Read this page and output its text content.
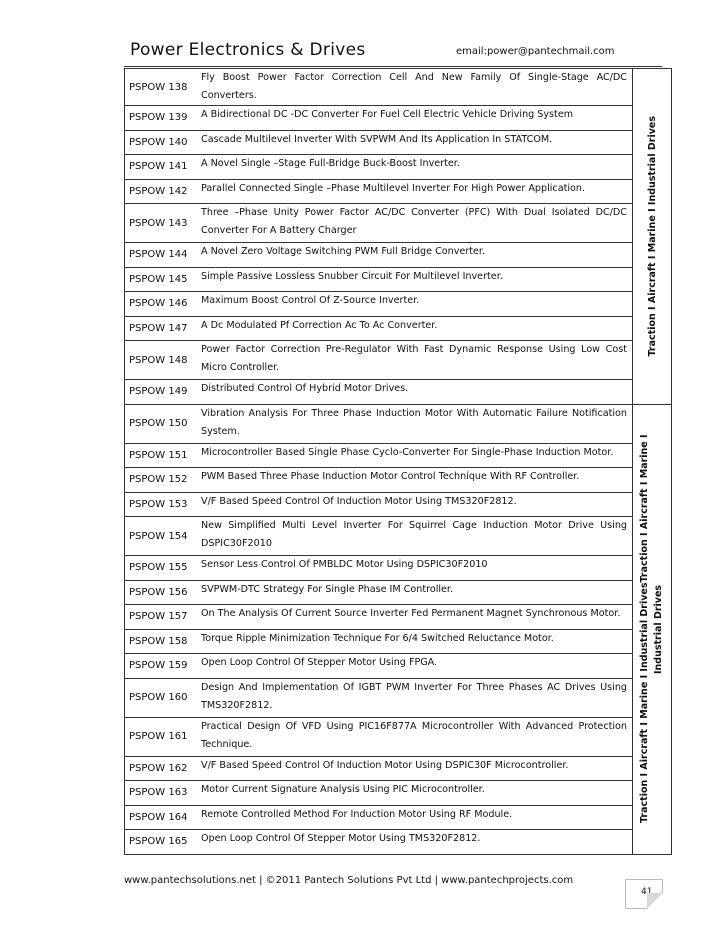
Power Electronics & Drives	email:power@pantechmail.com
PSPOW 138	Fly Boost Power Factor Correction Cell And New Family Of Single-Stage AC/DC Converters.	Traction I Aircraft I Marine I Industrial Drives

PSPOW 139	A Bidirectional DC -DC Converter For Fuel Cell Electric Vehicle Driving System	
PSPOW 140	Cascade Multilevel Inverter With SVPWM And Its Application In STATCOM.	
PSPOW 141	A Novel Single –Stage Full-Bridge Buck-Boost Inverter.	
PSPOW 142	Parallel Connected Single –Phase Multilevel Inverter For High Power Application.	
PSPOW 143	Three –Phase Unity Power Factor AC/DC Converter (PFC) With Dual Isolated DC/DC Converter For A Battery Charger	
PSPOW 144	A Novel Zero Voltage Switching PWM Full Bridge Converter.	
PSPOW 145	Simple Passive Lossless Snubber Circuit For Multilevel Inverter.	
PSPOW 146	Maximum Boost Control Of Z-Source Inverter.	
PSPOW 147	A Dc Modulated Pf Correction Ac To Ac Converter.	
PSPOW 148	Power Factor Correction Pre-Regulator With Fast Dynamic Response Using Low Cost Micro Controller.	
PSPOW 149	Distributed Control Of Hybrid Motor Drives.	
PSPOW 150	Vibration Analysis For Three Phase Induction Motor With Automatic Failure Notification System.	Traction I Aircraft I Marine I Industrial DrivesTraction I Aircraft I Marine I Industrial Drives

PSPOW 151	Microcontroller Based Single Phase Cyclo-Converter For Single-Phase Induction Motor.	
PSPOW 152	PWM Based Three Phase Induction Motor Control Technique With RF Controller.	
PSPOW 153	V/F Based Speed Control Of Induction Motor Using TMS320F2812.	
PSPOW 154	New Simplified Multi Level Inverter For Squirrel Cage Induction Motor Drive Using DSPIC30F2010	
PSPOW 155	Sensor Less Control Of PMBLDC Motor Using DSPIC30F2010	
PSPOW 156	SVPWM-DTC Strategy For Single Phase IM Controller.	
PSPOW 157	On The Analysis Of Current Source Inverter Fed Permanent Magnet Synchronous Motor.	
PSPOW 158	Torque Ripple Minimization Technique For 6/4 Switched Reluctance Motor.	
PSPOW 159	Open Loop Control Of Stepper Motor Using FPGA.	
PSPOW 160	Design And Implementation Of IGBT PWM Inverter For Three Phases AC Drives Using TMS320F2812.	
PSPOW 161	Practical Design Of VFD Using PIC16F877A Microcontroller With Advanced Protection Technique.	
PSPOW 162	V/F Based Speed Control Of Induction Motor Using DSPIC30F Microcontroller.	
PSPOW 163	Motor Current Signature Analysis Using PIC Microcontroller.	
PSPOW 164	Remote Controlled Method For Induction Motor Using RF Module.	
PSPOW 165	Open Loop Control Of Stepper Motor Using TMS320F2812.	
www.pantechsolutions.net | ©2011 Pantech Solutions Pvt Ltd | www.pantechprojects.com
41
